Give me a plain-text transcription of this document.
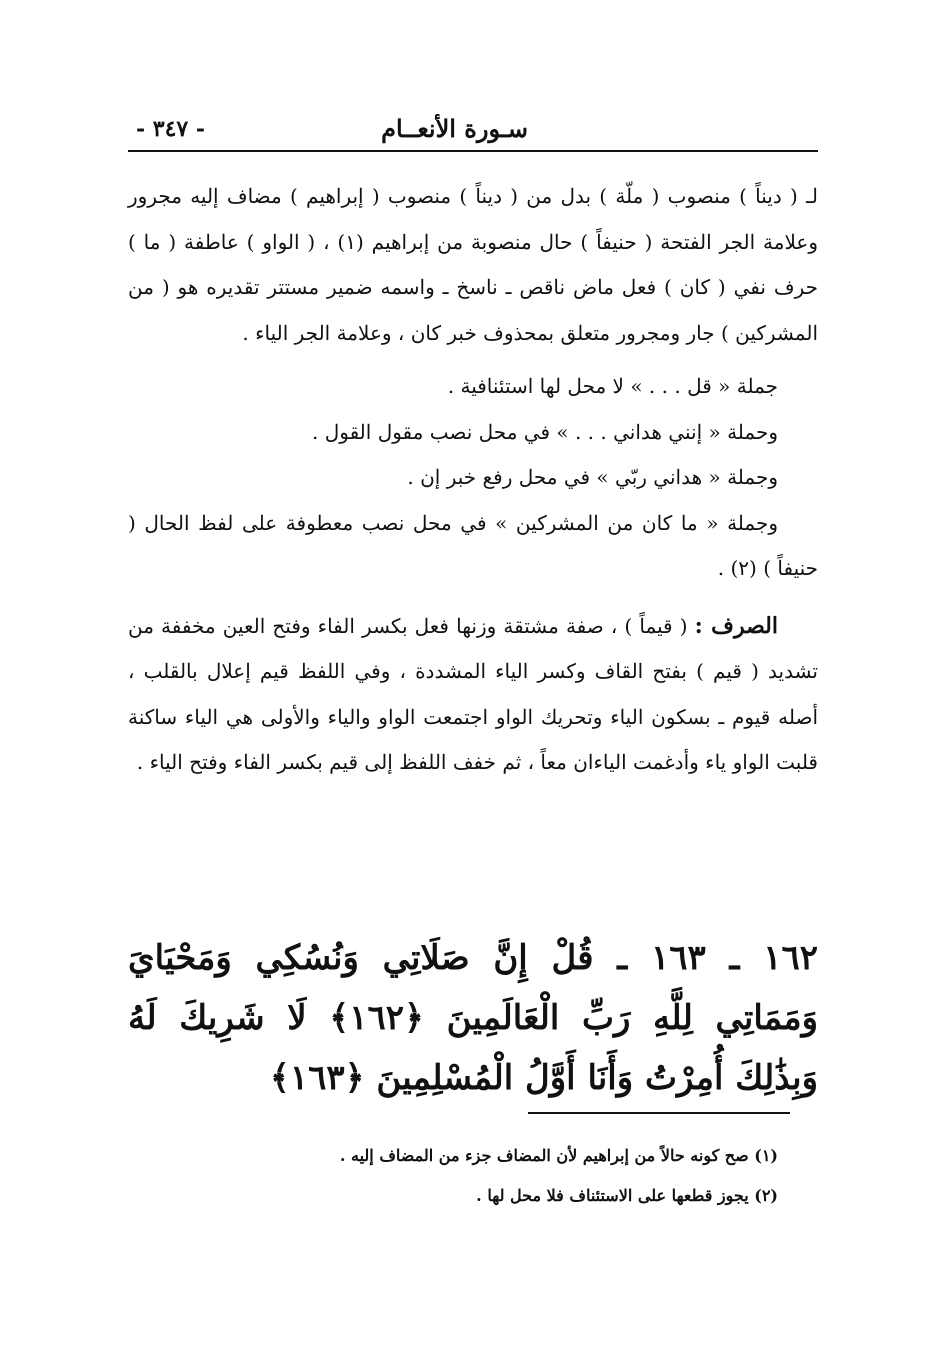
سـورة الأنعــام
- ٣٤٧ -

لـ ( ديناً ) منصوب ( ملّة ) بدل من ( ديناً ) منصوب ( إبراهيم ) مضاف إليه مجرور وعلامة الجر الفتحة ( حنيفاً ) حال منصوبة من إبراهيم (١) ، ( الواو ) عاطفة ( ما ) حرف نفي ( كان ) فعل ماض ناقص ـ ناسخ ـ واسمه ضمير مستتر تقديره هو ( من المشركين ) جار ومجرور متعلق بمحذوف خبر كان ، وعلامة الجر الياء .

جملة « قل . . . » لا محل لها استئنافية .

وحملة « إنني هداني . . . » في محل نصب مقول القول .

وجملة « هداني ربّي » في محل رفع خبر إن .

وجملة « ما كان من المشركين » في محل نصب معطوفة على لفظ الحال ( حنيفاً ) (٢) .

الصرف : ( قيماً ) ، صفة مشتقة وزنها فعل بكسر الفاء وفتح العين مخففة من تشديد ( قيم ) بفتح القاف وكسر الياء المشددة ، وفي اللفظ قيم إعلال بالقلب ، أصله قيوم ـ بسكون الياء وتحريك الواو اجتمعت الواو والياء والأولى هي الياء ساكنة قلبت الواو ياء وأدغمت الياءان معاً ، ثم خفف اللفظ إلى قيم بكسر الفاء وفتح الياء .

١٦٢ ـ ١٦٣ ـ قُلْ إِنَّ صَلَاتِي وَنُسُكِي وَمَحْيَايَ وَمَمَاتِي لِلَّهِ رَبِّ الْعَالَمِينَ ﴿١٦٢﴾ لَا شَرِيكَ لَهُ وَبِذَٰلِكَ أُمِرْتُ وَأَنَا أَوَّلُ الْمُسْلِمِينَ ﴿١٦٣﴾

(١) صح كونه حالاً من إبراهيم لأن المضاف جزء من المضاف إليه .

(٢) يجوز قطعها على الاستئناف فلا محل لها .
